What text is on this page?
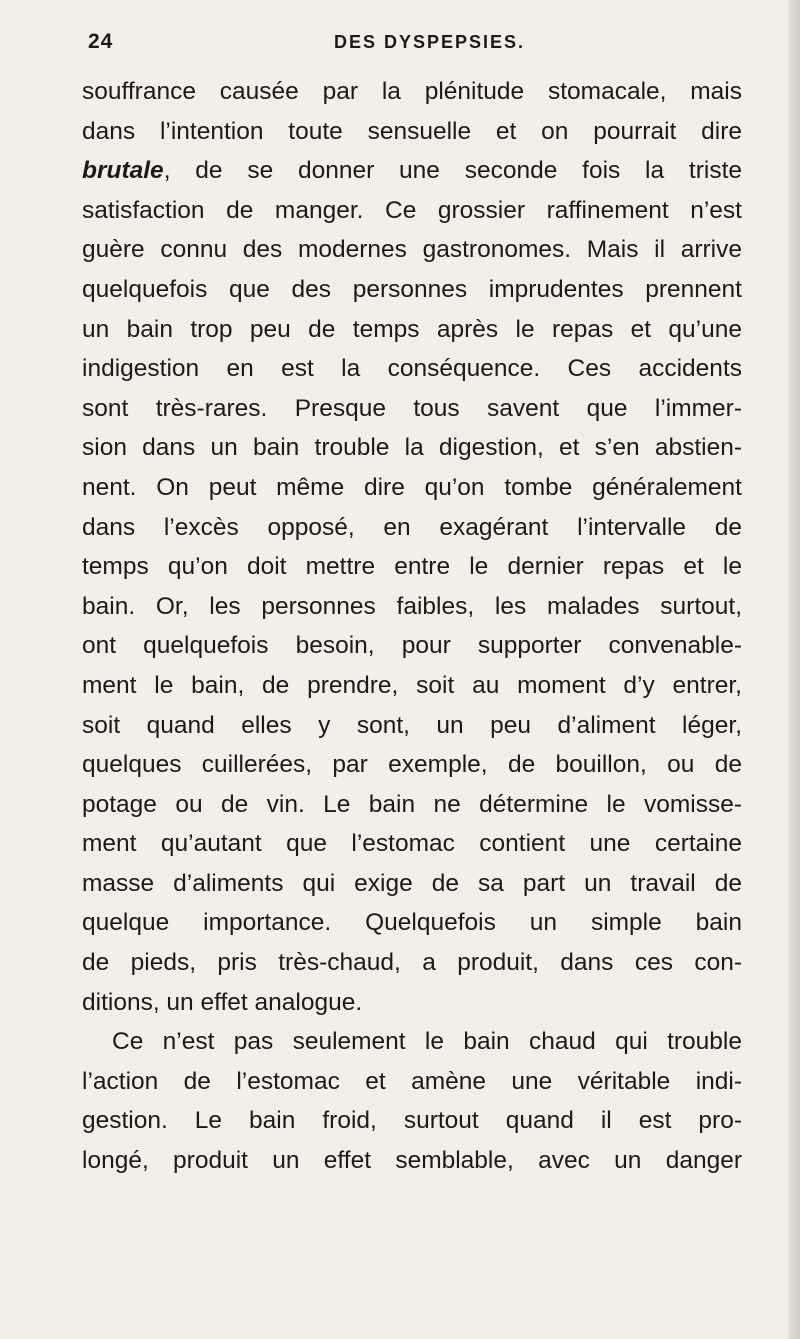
24	DES DYSPEPSIES.
souffrance causée par la plénitude stomacale, mais
dans l’intention toute sensuelle et on pourrait dire
brutale, de se donner une seconde fois la triste
satisfaction de manger. Ce grossier raffinement n’est
guère connu des modernes gastronomes. Mais il arrive
quelquefois que des personnes imprudentes prennent
un bain trop peu de temps après le repas et qu’une
indigestion en est la conséquence. Ces accidents
sont très-rares. Presque tous savent que l’immer-
sion dans un bain trouble la digestion, et s’en abstien-
nent. On peut même dire qu’on tombe généralement
dans l’excès opposé, en exagérant l’intervalle de
temps qu’on doit mettre entre le dernier repas et le
bain. Or, les personnes faibles, les malades surtout,
ont quelquefois besoin, pour supporter convenable-
ment le bain, de prendre, soit au moment d’y entrer,
soit quand elles y sont, un peu d’aliment léger,
quelques cuillerées, par exemple, de bouillon, ou de
potage ou de vin. Le bain ne détermine le vomisse-
ment qu’autant que l’estomac contient une certaine
masse d’aliments qui exige de sa part un travail de
quelque importance. Quelquefois un simple bain
de pieds, pris très-chaud, a produit, dans ces con-
ditions, un effet analogue.
Ce n’est pas seulement le bain chaud qui trouble
l’action de l’estomac et amène une véritable indi-
gestion. Le bain froid, surtout quand il est pro-
longé, produit un effet semblable, avec un danger
